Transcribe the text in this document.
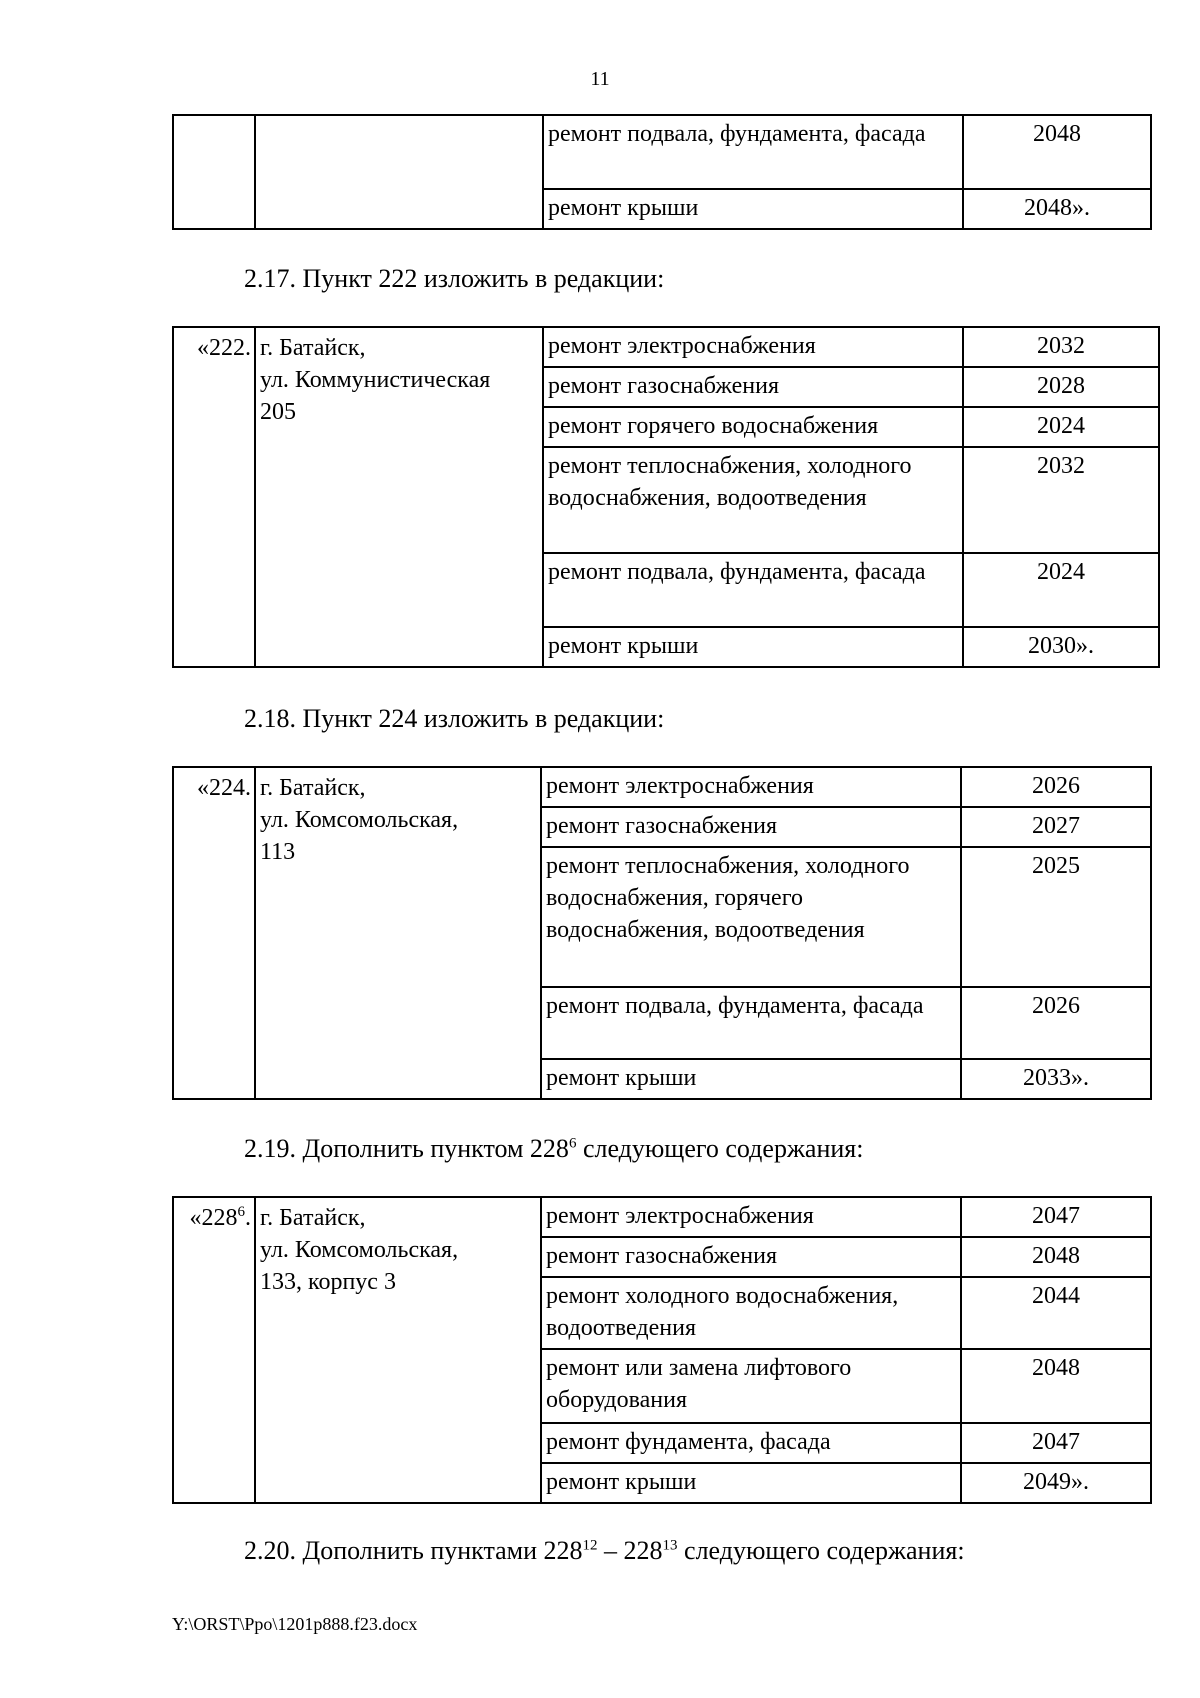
11
		ремонт подвала, фундамента, фасада	2048
		ремонт крыши	2048».
2.17. Пункт 222 изложить в редакции:
«222.	г. Батайск,
ул. Коммунистическая
205	ремонт электроснабжения	2032
		ремонт газоснабжения	2028
		ремонт горячего водоснабжения	2024
		ремонт теплоснабжения, холодного водоснабжения, водоотведения	2032
		ремонт подвала, фундамента, фасада	2024
		ремонт крыши	2030».
2.18. Пункт 224 изложить в редакции:
«224.	г. Батайск,
ул. Комсомольская,
113	ремонт электроснабжения	2026
		ремонт газоснабжения	2027
		ремонт теплоснабжения, холодного водоснабжения, горячего водоснабжения, водоотведения	2025
		ремонт подвала, фундамента, фасада	2026
		ремонт крыши	2033».
2.19. Дополнить пунктом $228^6$ следующего содержания:
«$228^6$.	г. Батайск,
ул. Комсомольская,
133, корпус 3	ремонт электроснабжения	2047
		ремонт газоснабжения	2048
		ремонт холодного водоснабжения, водоотведения	2044
		ремонт или замена лифтового оборудования	2048
		ремонт фундамента, фасада	2047
		ремонт крыши	2049».
2.20. Дополнить пунктами $228^{12} - 228^{13}$ следующего содержания:
Y:\ORST\Ppo\1201p888.f23.docx
